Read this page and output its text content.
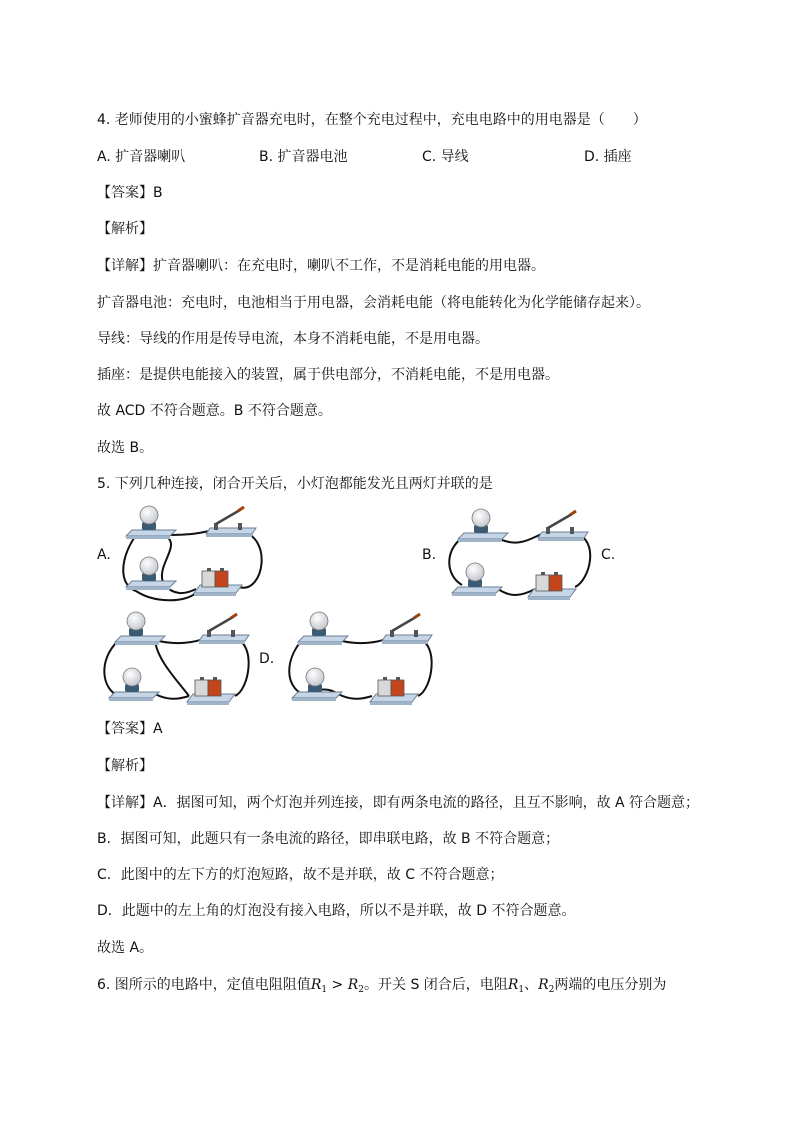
4. 老师使用的小蜜蜂扩音器充电时，在整个充电过程中，充电电路中的用电器是（　　）
A. 扩音器喇叭	B. 扩音器电池	C. 导线	D. 插座
【答案】B
【解析】
【详解】扩音器喇叭：在充电时，喇叭不工作，不是消耗电能的用电器。
扩音器电池：充电时，电池相当于用电器，会消耗电能（将电能转化为化学能储存起来）。
导线：导线的作用是传导电流，本身不消耗电能，不是用电器。
插座：是提供电能接入的装置，属于供电部分，不消耗电能，不是用电器。
故 ACD 不符合题意。B 不符合题意。
故选 B。
5. 下列几种连接，闭合开关后，小灯泡都能发光且两灯并联的是
A.	B.	C.
D.
【答案】A
【解析】
【详解】A．据图可知，两个灯泡并列连接，即有两条电流的路径，且互不影响，故 A 符合题意；
B．据图可知，此题只有一条电流的路径，即串联电路，故 B 不符合题意；
C．此图中的左下方的灯泡短路，故不是并联，故 C 不符合题意；
D．此题中的左上角的灯泡没有接入电路，所以不是并联，故 D 不符合题意。
故选 A。
6. 图所示的电路中，定值电阻阻值$R_1 > R_2$。开关 S 闭合后，电阻$R_1$、$R_2$两端的电压分别为
